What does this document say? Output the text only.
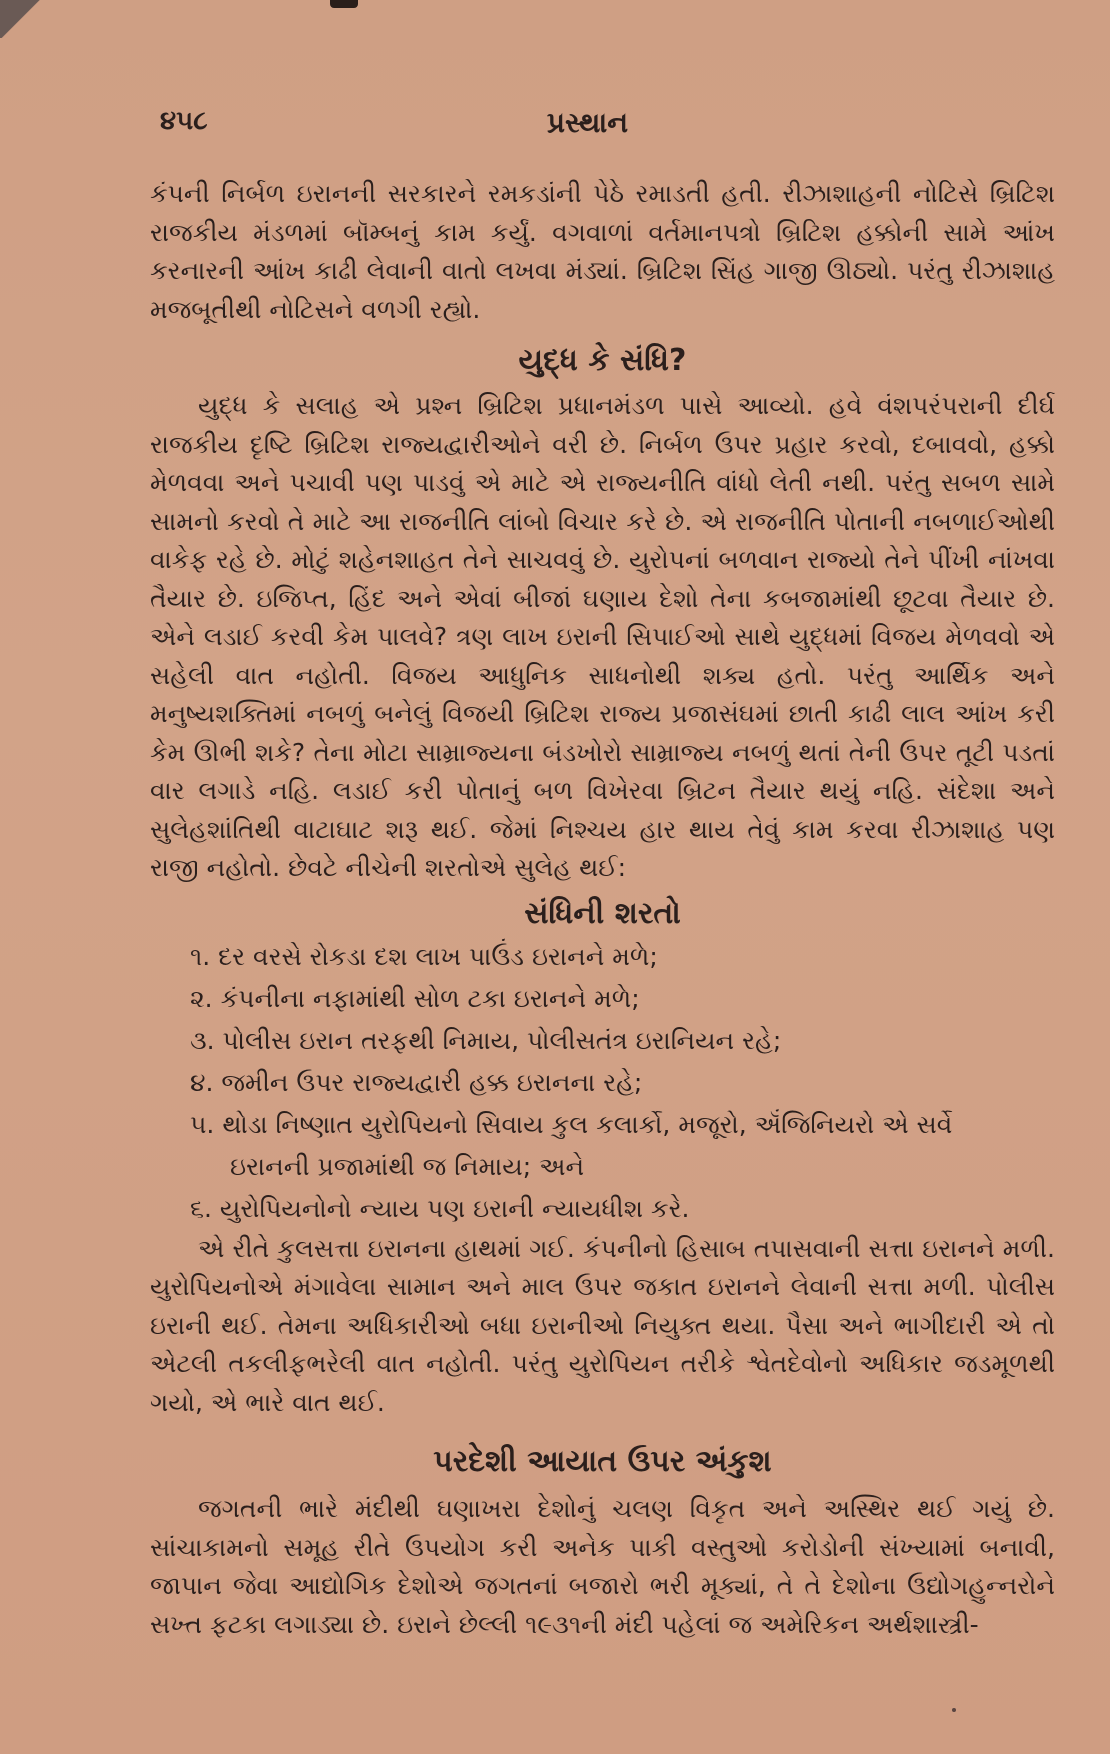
૪૫૮	પ્રસ્થાન

કંપની નિર્બળ ઇરાનની સરકારને રમકડાંની પેઠે રમાડતી હતી. રીઝાશાહની નોટિસે બ્રિટિશ રાજકીય મંડળમાં બૉમ્બનું કામ કર્યું. વગવાળાં વર્તમાનપત્રો બ્રિટિશ હક્કોની સામે આંખ કરનારની આંખ કાઢી લેવાની વાતો લખવા મંડ્યાં. બ્રિટિશ સિંહ ગાજી ઊઠ્યો. પરંતુ રીઝાશાહ મજબૂતીથી નોટિસને વળગી રહ્યો.

યુદ્ધ કે સંધિ?

યુદ્ધ કે સલાહ એ પ્રશ્ન બ્રિટિશ પ્રધાનમંડળ પાસે આવ્યો. હવે વંશપરંપરાની દીર્ઘ રાજકીય દૃષ્ટિ બ્રિટિશ રાજ્યદ્વારીઓને વરી છે. નિર્બળ ઉપર પ્રહાર કરવો, દબાવવો, હક્કો મેળવવા અને પચાવી પણ પાડવું એ માટે એ રાજ્યનીતિ વાંધો લેતી નથી. પરંતુ સબળ સામે સામનો કરવો તે માટે આ રાજનીતિ લાંબો વિચાર કરે છે. એ રાજનીતિ પોતાની નબળાઈઓથી વાકેફ રહે છે. મોટું શહેનશાહત તેને સાચવવું છે. યુરોપનાં બળવાન રાજ્યો તેને પીંખી નાંખવા તૈયાર છે. ઇજિપ્ત, હિંદ અને એવાં બીજાં ઘણાય દેશો તેના કબજામાંથી છૂટવા તૈયાર છે. એને લડાઈ કરવી કેમ પાલવે? ત્રણ લાખ ઇરાની સિપાઈઓ સાથે યુદ્ધમાં વિજય મેળવવો એ સહેલી વાત નહોતી. વિજય આધુનિક સાધનોથી શક્ય હતો. પરંતુ આર્થિક અને મનુષ્યશક્તિમાં નબળું બનેલું વિજયી બ્રિટિશ રાજ્ય પ્રજાસંઘમાં છાતી કાઢી લાલ આંખ કરી કેમ ઊભી શકે? તેના મોટા સામ્રાજ્યના બંડખોરો સામ્રાજ્ય નબળું થતાં તેની ઉપર તૂટી પડતાં વાર લગાડે નહિ. લડાઈ કરી પોતાનું બળ વિખેરવા બ્રિટન તૈયાર થયું નહિ. સંદેશા અને સુલેહશાંતિથી વાટાઘાટ શરૂ થઈ. જેમાં નિશ્ચય હાર થાય તેવું કામ કરવા રીઝાશાહ પણ રાજી નહોતો. છેવટે નીચેની શરતોએ સુલેહ થઈ:

સંધિની શરતો
૧. દર વરસે રોકડા દશ લાખ પાઉંડ ઇરાનને મળે;
૨. કંપનીના નફામાંથી સોળ ટકા ઇરાનને મળે;
૩. પોલીસ ઇરાન તરફથી નિમાય, પોલીસતંત્ર ઇરાનિયન રહે;
૪. જમીન ઉપર રાજ્યદ્વારી હક્ક ઇરાનના રહે;
૫. થોડા નિષ્ણાત યુરોપિયનો સિવાય કુલ કલાર્કો, મજૂરો, ઍંજિનિયરો એ સર્વે
ઇરાનની પ્રજામાંથી જ નિમાય; અને
૬. યુરોપિયનોનો ન્યાય પણ ઇરાની ન્યાયધીશ કરે.

એ રીતે કુલસત્તા ઇરાનના હાથમાં ગઈ. કંપનીનો હિસાબ તપાસવાની સત્તા ઇરાનને મળી. યુરોપિયનોએ મંગાવેલા સામાન અને માલ ઉપર જકાત ઇરાનને લેવાની સત્તા મળી. પોલીસ ઇરાની થઈ. તેમના અધિકારીઓ બધા ઇરાનીઓ નિયુક્ત થયા. પૈસા અને ભાગીદારી એ તો એટલી તકલીફભરેલી વાત નહોતી. પરંતુ યુરોપિયન તરીકે શ્વેતદેવોનો અધિકાર જડમૂળથી ગયો, એ ભારે વાત થઈ.

પરદેશી આયાત ઉપર અંકુશ

જગતની ભારે મંદીથી ઘણાખરા દેશોનું ચલણ વિકૃત અને અસ્થિર થઈ ગયું છે. સાંચાકામનો સમૂહ રીતે ઉપયોગ કરી અનેક પાકી વસ્તુઓ કરોડોની સંખ્યામાં બનાવી, જાપાન જેવા આદ્યોગિક દેશોએ જગતનાં બજારો ભરી મૂક્યાં, તે તે દેશોના ઉદ્યોગહુન્નરોને સખ્ત ફટકા લગાડ્યા છે. ઇરાને છેલ્લી ૧૯૩૧ની મંદી પહેલાં જ અમેરિકન અર્થશાસ્ત્રી-
